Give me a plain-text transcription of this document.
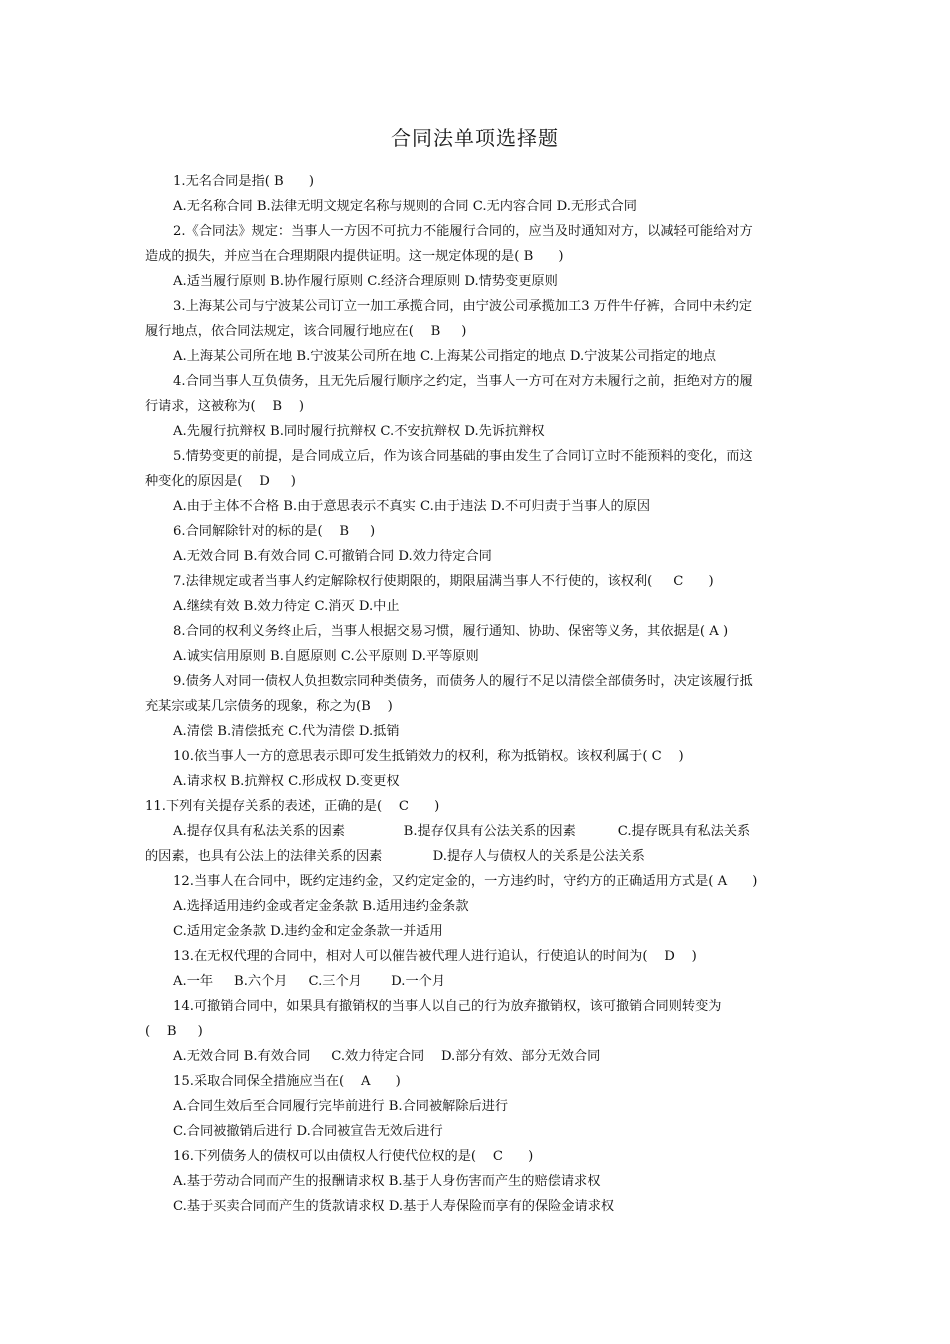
合同法单项选择题
1.无名合同是指( B      )
A.无名称合同 B.法律无明文规定名称与规则的合同 C.无内容合同 D.无形式合同
2.《合同法》规定：当事人一方因不可抗力不能履行合同的，应当及时通知对方，以减轻可能给对方
造成的损失，并应当在合理期限内提供证明。这一规定体现的是( B      )
A.适当履行原则 B.协作履行原则 C.经济合理原则 D.情势变更原则
3.上海某公司与宁波某公司订立一加工承揽合同，由宁波公司承揽加工3 万件牛仔裤，合同中未约定
履行地点，依合同法规定，该合同履行地应在(    B     )
A.上海某公司所在地 B.宁波某公司所在地 C.上海某公司指定的地点 D.宁波某公司指定的地点
4.合同当事人互负债务，且无先后履行顺序之约定，当事人一方可在对方未履行之前，拒绝对方的履
行请求，这被称为(    B    )
A.先履行抗辩权 B.同时履行抗辩权 C.不安抗辩权 D.先诉抗辩权
5.情势变更的前提，是合同成立后，作为该合同基础的事由发生了合同订立时不能预料的变化，而这
种变化的原因是(    D     )
A.由于主体不合格 B.由于意思表示不真实 C.由于违法 D.不可归责于当事人的原因
6.合同解除针对的标的是(    B     )
A.无效合同 B.有效合同 C.可撤销合同 D.效力待定合同
7.法律规定或者当事人约定解除权行使期限的，期限届满当事人不行使的，该权利(     C      )
A.继续有效 B.效力待定 C.消灭 D.中止
8.合同的权利义务终止后，当事人根据交易习惯，履行通知、协助、保密等义务，其依据是( A )
A.诚实信用原则 B.自愿原则 C.公平原则 D.平等原则
9.债务人对同一债权人负担数宗同种类债务，而债务人的履行不足以清偿全部债务时，决定该履行抵
充某宗或某几宗债务的现象，称之为(B    )
A.清偿 B.清偿抵充 C.代为清偿 D.抵销
10.依当事人一方的意思表示即可发生抵销效力的权利，称为抵销权。该权利属于( C    )
A.请求权 B.抗辩权 C.形成权 D.变更权
11.下列有关提存关系的表述，正确的是(    C      )
A.提存仅具有私法关系的因素              B.提存仅具有公法关系的因素          C.提存既具有私法关系
的因素，也具有公法上的法律关系的因素            D.提存人与债权人的关系是公法关系
12.当事人在合同中，既约定违约金，又约定定金的，一方违约时，守约方的正确适用方式是( A      )
A.选择适用违约金或者定金条款 B.适用违约金条款
C.适用定金条款 D.违约金和定金条款一并适用
13.在无权代理的合同中，相对人可以催告被代理人进行追认，行使追认的时间为(    D    )
A.一年     B.六个月     C.三个月       D.一个月
14.可撤销合同中，如果具有撤销权的当事人以自己的行为放弃撤销权，该可撤销合同则转变为
(    B     )
A.无效合同 B.有效合同     C.效力待定合同    D.部分有效、部分无效合同
15.采取合同保全措施应当在(    A      )
A.合同生效后至合同履行完毕前进行 B.合同被解除后进行
C.合同被撤销后进行 D.合同被宣告无效后进行
16.下列债务人的债权可以由债权人行使代位权的是(    C      )
A.基于劳动合同而产生的报酬请求权 B.基于人身伤害而产生的赔偿请求权
C.基于买卖合同而产生的货款请求权 D.基于人寿保险而享有的保险金请求权
